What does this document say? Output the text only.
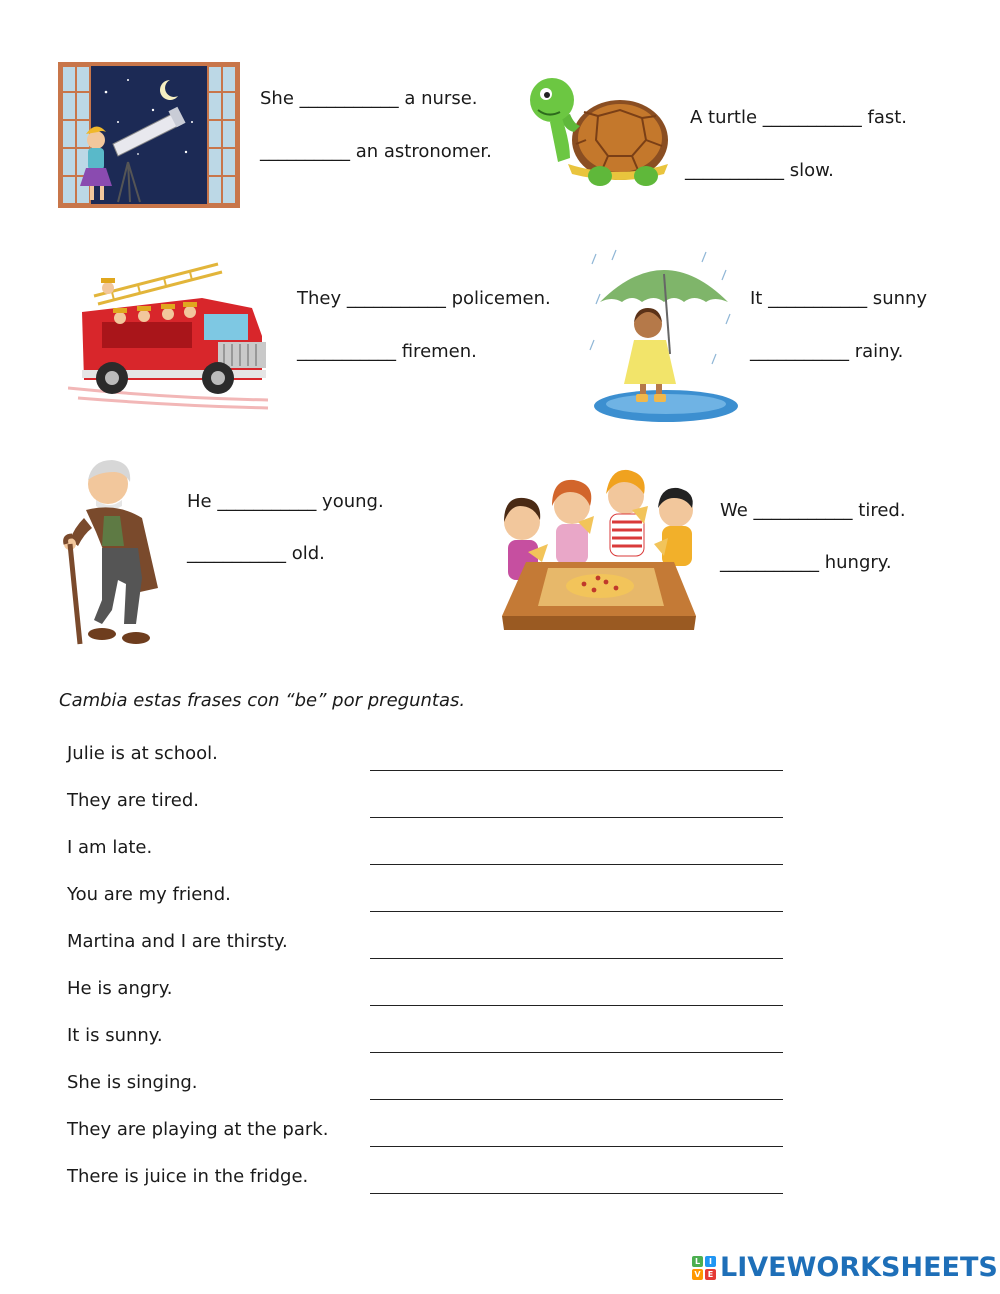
She ___________ a nurse.
__________ an astronomer.
A turtle ___________ fast.
___________ slow.
They ___________ policemen.
___________ firemen.
It ___________ sunny
___________ rainy.
He ___________ young.
___________ old.
We ___________ tired.
___________ hungry.
Cambia estas frases con “be” por preguntas.
Julie is at school.
They are tired.
I am late.
You are my friend.
Martina and I are thirsty.
He is angry.
It is sunny.
She is singing.
They are playing at the park.
There is juice in the fridge.
L	I
V E LIVEWORKSHEETS
